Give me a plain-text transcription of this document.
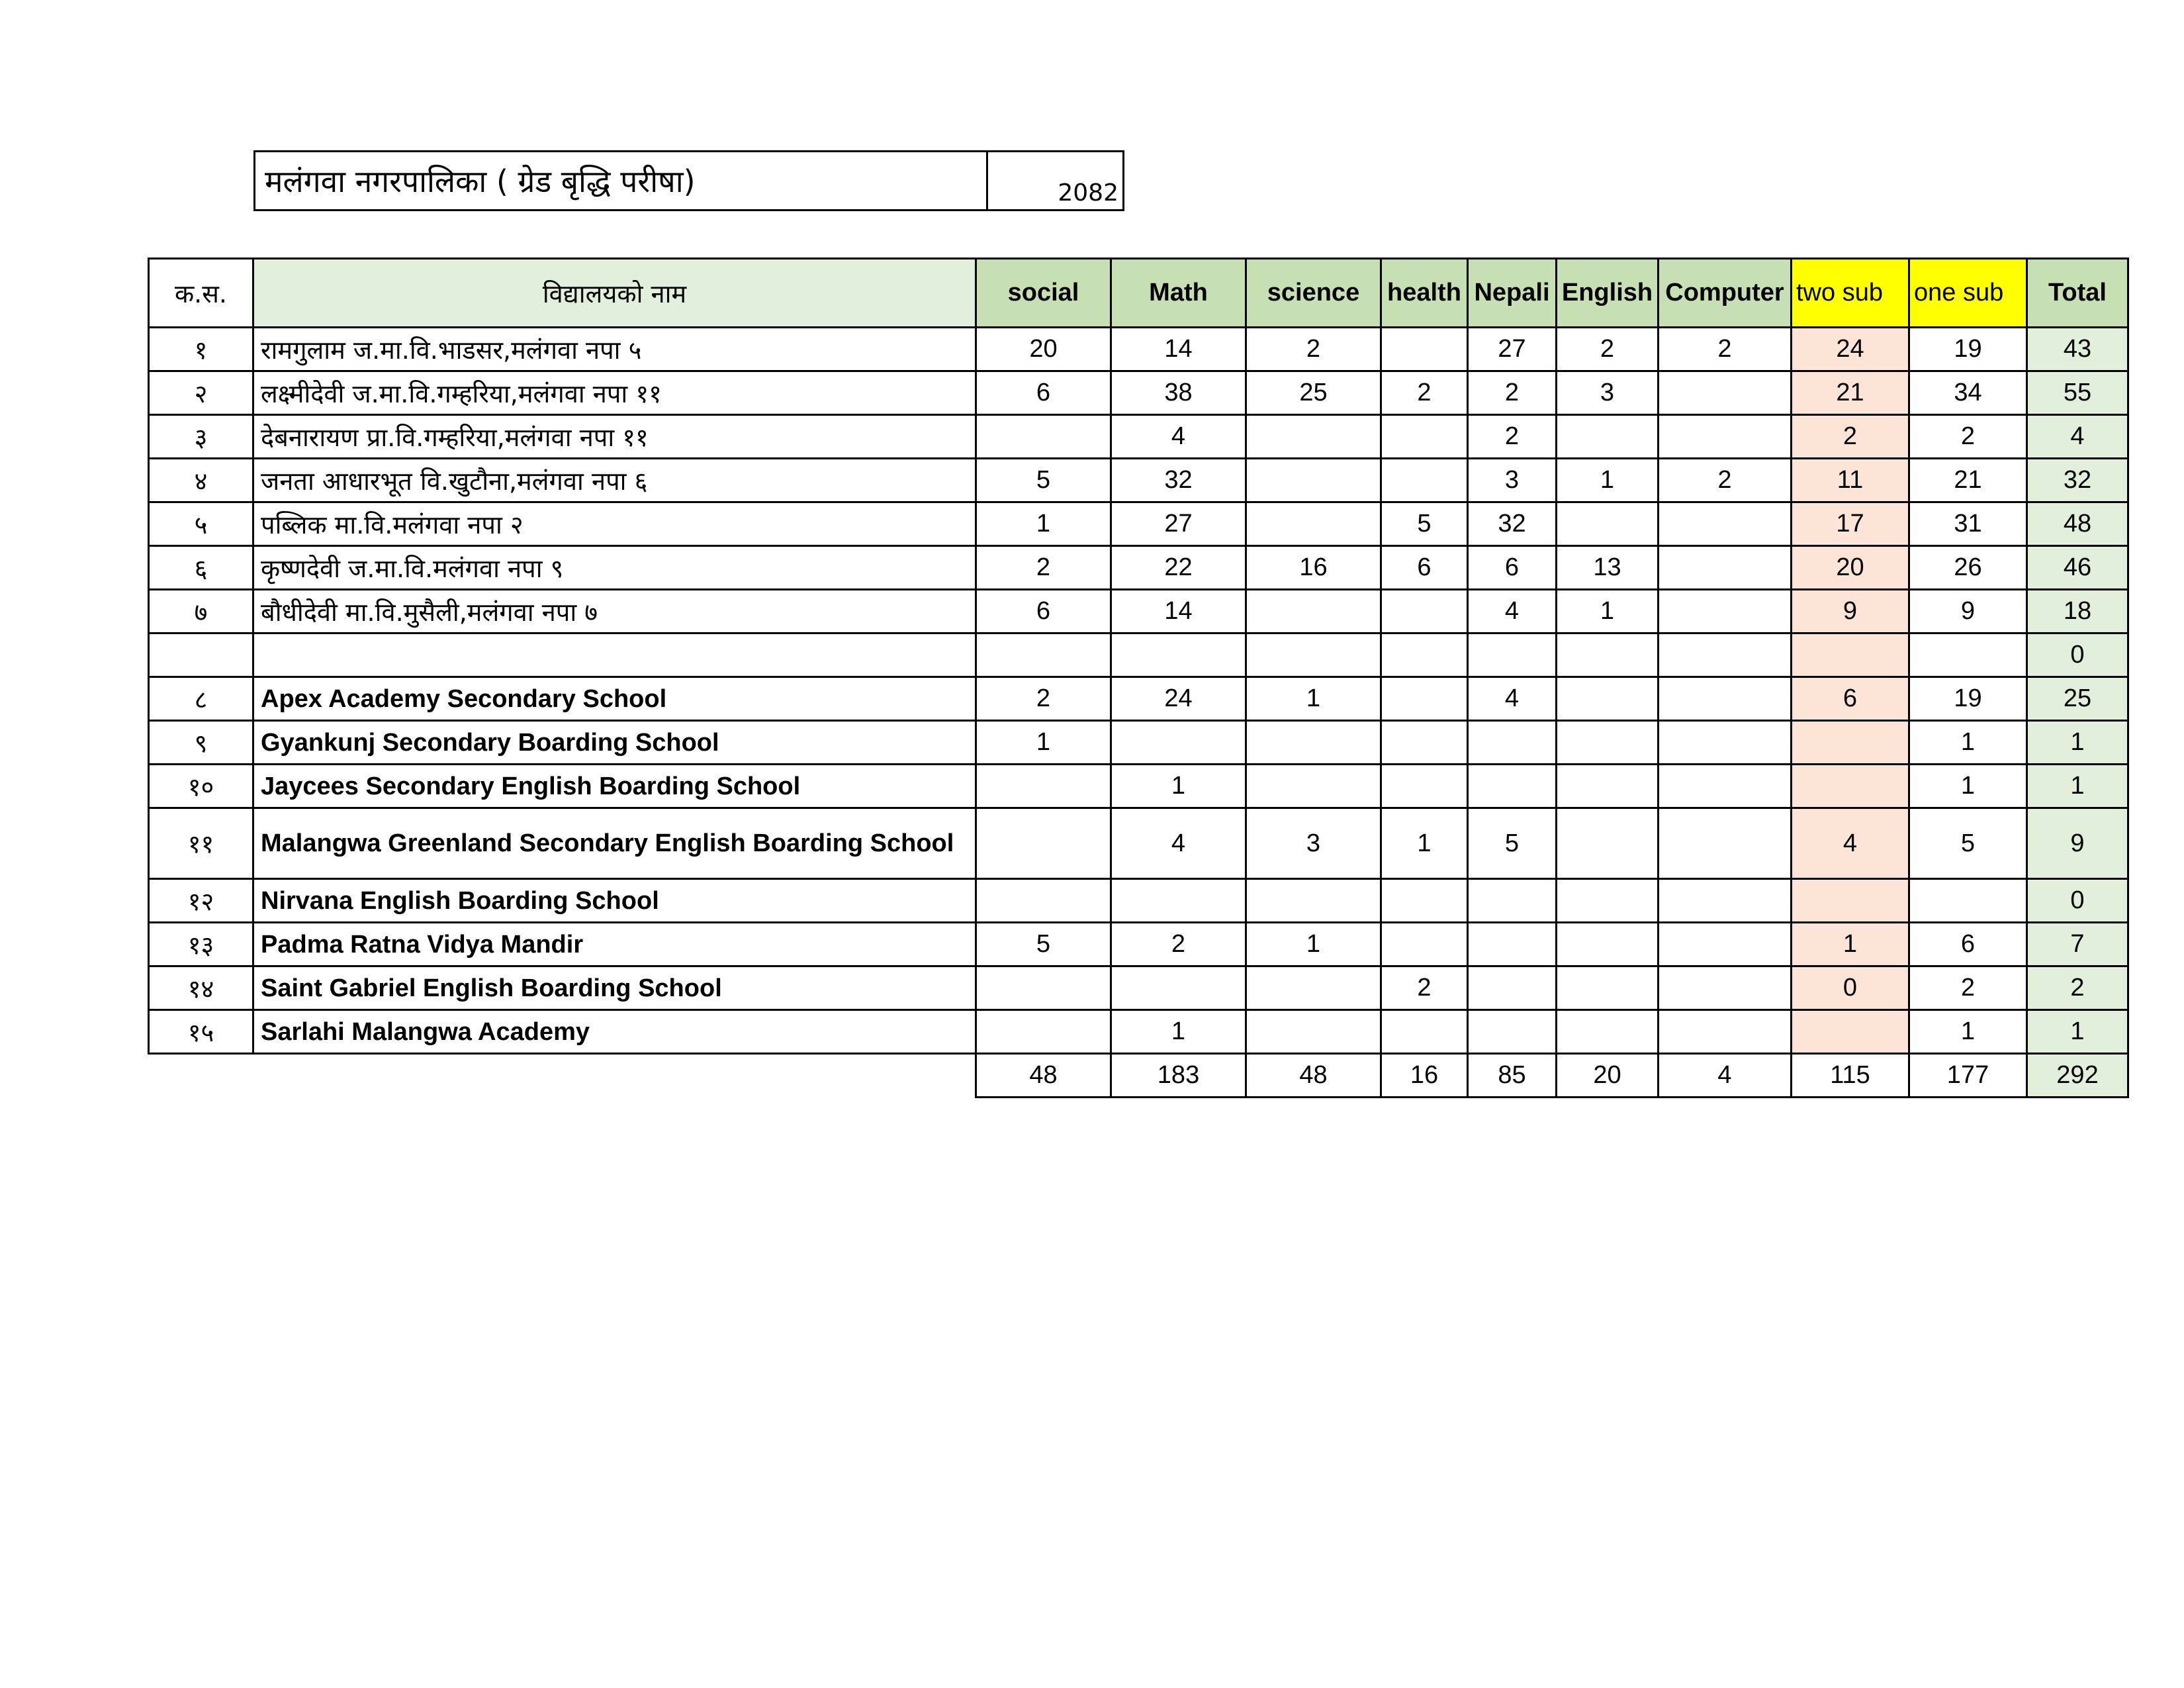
मलंगवा नगरपालिका ( ग्रेड बृद्धि परीषा)	2082
क.स.	विद्यालयको नाम	social	Math	science	health	Nepali	English	Computer	two sub	one sub	Total
१	रामगुलाम ज.मा.वि.भाडसर,मलंगवा नपा ५	20	14	2		27	2	2	24	19	43
२	लक्ष्मीदेवी ज.मा.वि.गम्हरिया,मलंगवा नपा ११	6	38	25	2	2	3		21	34	55
३	देबनारायण प्रा.वि.गम्हरिया,मलंगवा नपा ११		4			2			2	2	4
४	जनता आधारभूत वि.खुटौना,मलंगवा नपा ६	5	32			3	1	2	11	21	32
५	पब्लिक मा.वि.मलंगवा नपा २	1	27		5	32			17	31	48
६	कृष्णदेवी ज.मा.वि.मलंगवा नपा ९	2	22	16	6	6	13		20	26	46
७	बौधीदेवी मा.वि.मुसैली,मलंगवा नपा ७	6	14			4	1		9	9	18
											0
८	Apex Academy Secondary School	2	24	1		4			6	19	25
९	Gyankunj Secondary Boarding School	1								1	1
१०	Jaycees Secondary English Boarding School		1							1	1
११	Malangwa Greenland Secondary English Boarding School		4	3	1	5			4	5	9
१२	Nirvana English Boarding School										0
१३	Padma Ratna Vidya Mandir	5	2	1					1	6	7
१४	Saint Gabriel English Boarding School				2				0	2	2
१५	Sarlahi Malangwa Academy		1							1	1
		48	183	48	16	85	20	4	115	177	292
